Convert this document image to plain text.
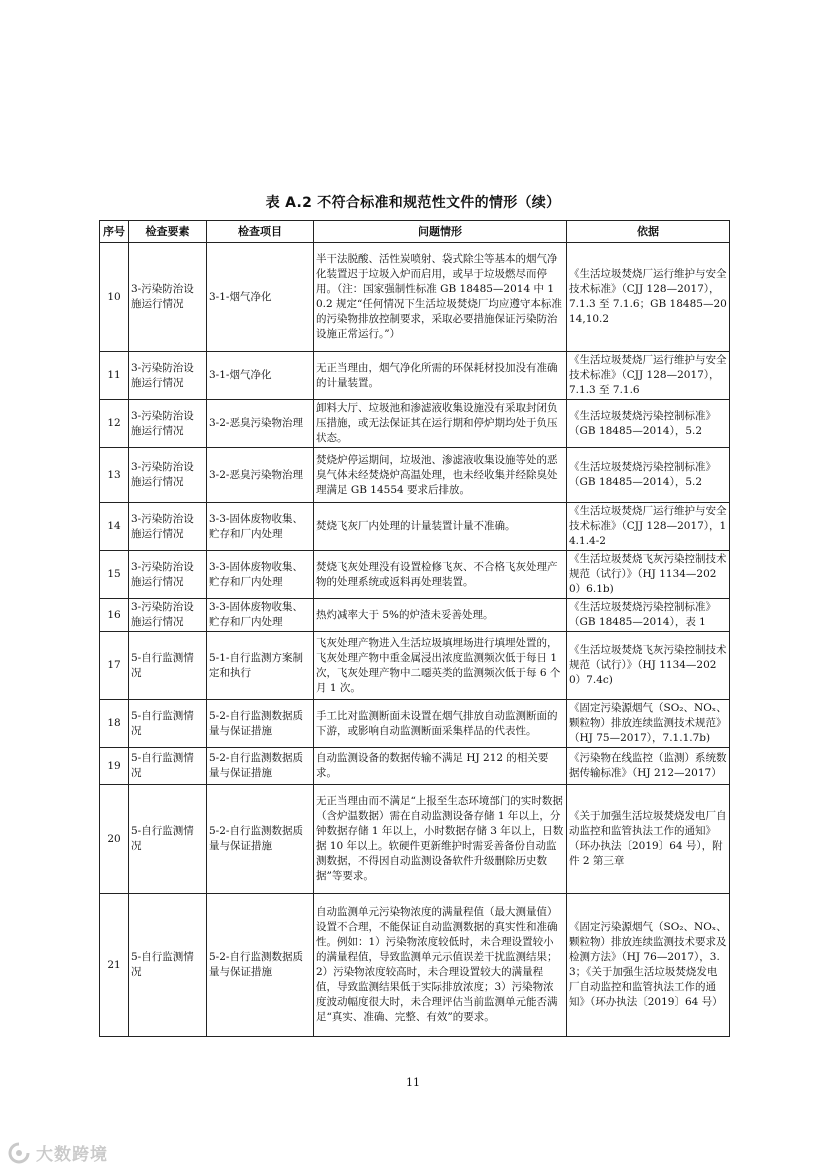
表 A.2 不符合标准和规范性文件的情形（续）
序号	检查要素	检查项目	问题情形	依据
10	3-污染防治设施运行情况	3-1-烟气净化	半干法脱酸、活性炭喷射、袋式除尘等基本的烟气净化装置迟于垃圾入炉而启用，或早于垃圾燃尽而停用。（注：国家强制性标准 GB 18485—2014 中 10.2 规定“任何情况下生活垃圾焚烧厂均应遵守本标准的污染物排放控制要求，采取必要措施保证污染防治设施正常运行。”）	《生活垃圾焚烧厂运行维护与安全技术标准》（CJJ 128—2017），7.1.3 至 7.1.6；GB 18485—2014,10.2
11	3-污染防治设施运行情况	3-1-烟气净化	无正当理由，烟气净化所需的环保耗材投加没有准确的计量装置。	《生活垃圾焚烧厂运行维护与安全技术标准》（CJJ 128—2017），7.1.3 至 7.1.6
12	3-污染防治设施运行情况	3-2-恶臭污染物治理	卸料大厅、垃圾池和渗滤液收集设施没有采取封闭负压措施，或无法保证其在运行期和停炉期均处于负压状态。	《生活垃圾焚烧污染控制标准》（GB 18485—2014），5.2
13	3-污染防治设施运行情况	3-2-恶臭污染物治理	焚烧炉停运期间，垃圾池、渗滤液收集设施等处的恶臭气体未经焚烧炉高温处理，也未经收集并经除臭处理满足 GB 14554 要求后排放。	《生活垃圾焚烧污染控制标准》（GB 18485—2014），5.2
14	3-污染防治设施运行情况	3-3-固体废物收集、贮存和厂内处理	焚烧飞灰厂内处理的计量装置计量不准确。	《生活垃圾焚烧厂运行维护与安全技术标准》（CJJ 128—2017），14.1.4-2
15	3-污染防治设施运行情况	3-3-固体废物收集、贮存和厂内处理	焚烧飞灰处理没有设置检修飞灰、不合格飞灰处理产物的处理系统或返料再处理装置。	《生活垃圾焚烧飞灰污染控制技术规范（试行）》（HJ 1134—2020）6.1b)
16	3-污染防治设施运行情况	3-3-固体废物收集、贮存和厂内处理	热灼减率大于 5%的炉渣未妥善处理。	《生活垃圾焚烧污染控制标准》（GB 18485—2014），表 1
17	5-自行监测情况	5-1-自行监测方案制定和执行	飞灰处理产物进入生活垃圾填埋场进行填埋处置的，飞灰处理产物中重金属浸出浓度监测频次低于每日 1 次，飞灰处理产物中二噁英类的监测频次低于每 6 个月 1 次。	《生活垃圾焚烧飞灰污染控制技术规范（试行）》（HJ 1134—2020）7.4c)
18	5-自行监测情况	5-2-自行监测数据质量与保证措施	手工比对监测断面未设置在烟气排放自动监测断面的下游，或影响自动监测断面采集样品的代表性。	《固定污染源烟气（SO₂、NOₓ、颗粒物）排放连续监测技术规范》（HJ 75—2017），7.1.1.7b)
19	5-自行监测情况	5-2-自行监测数据质量与保证措施	自动监测设备的数据传输不满足 HJ 212 的相关要求。	《污染物在线监控（监测）系统数据传输标准》（HJ 212—2017）
20	5-自行监测情况	5-2-自行监测数据质量与保证措施	无正当理由而不满足“上报至生态环境部门的实时数据（含炉温数据）需在自动监测设备存储 1 年以上，分钟数据存储 1 年以上，小时数据存储 3 年以上，日数据 10 年以上。软硬件更新维护时需妥善备份自动监测数据，不得因自动监测设备软件升级删除历史数据”等要求。	《关于加强生活垃圾焚烧发电厂自动监控和监管执法工作的通知》（环办执法〔2019〕64 号），附件 2 第三章
21	5-自行监测情况	5-2-自行监测数据质量与保证措施	自动监测单元污染物浓度的满量程值（最大测量值）设置不合理，不能保证自动监测数据的真实性和准确性。例如：1）污染物浓度较低时，未合理设置较小的满量程值，导致监测单元示值误差干扰监测结果；2）污染物浓度较高时，未合理设置较大的满量程值，导致监测结果低于实际排放浓度；3）污染物浓度波动幅度很大时，未合理评估当前监测单元能否满足“真实、准确、完整、有效”的要求。	《固定污染源烟气（SO₂、NOₓ、颗粒物）排放连续监测技术要求及检测方法》（HJ 76—2017），3.3；《关于加强生活垃圾焚烧发电厂自动监控和监管执法工作的通知》（环办执法〔2019〕64 号）
11
大数跨境
